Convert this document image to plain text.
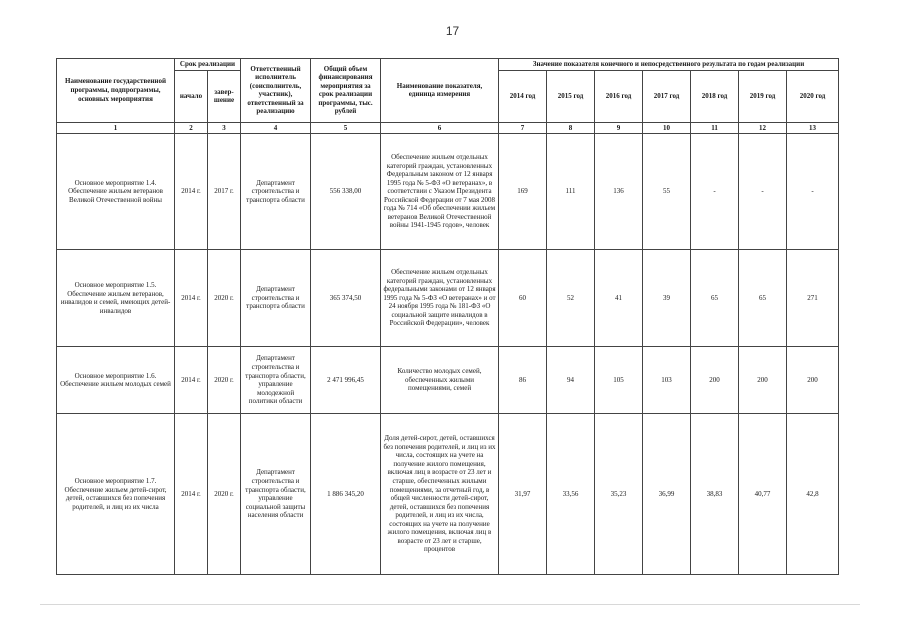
17
Наименование государственной программы, подпрограммы, основных мероприятия	Срок реализации		Ответственный исполнитель (соисполнитель, участник), ответственный за реализацию	Общий объем финансирования мероприятия за срок реализации программы, тыс. рублей	Наименование показателя, единица измерения	Значение показателя конечного и непосредственного результата по годам реализации						
	начало	завер-шение				2014 год	2015 год	2016 год	2017 год	2018 год	2019 год	2020 год
1	2	3	4	5	6	7	8	9	10	11	12	13
Основное мероприятие 1.4. Обеспечение жильем ветеранов Великой Отечественной войны	2014 г.	2017 г.	Департамент строительства и транспорта области	556 338,00	Обеспечение жильем отдельных категорий граждан, установленных Федеральным законом от 12 января 1995 года № 5-ФЗ «О ветеранах», в соответствии с Указом Президента Российской Федерации от 7 мая 2008 года № 714 «Об обеспечении жильем ветеранов Великой Отечественной войны 1941-1945 годов», человек	169	111	136	55	-	-	-
Основное мероприятие 1.5. Обеспечение жильем ветеранов, инвалидов и семей, имеющих детей-инвалидов	2014 г.	2020 г.	Департамент строительства и транспорта области	365 374,50	Обеспечение жильем отдельных категорий граждан, установленных федеральными законами от 12 января 1995 года № 5-ФЗ «О ветеранах» и от 24 ноября 1995 года № 181-ФЗ «О социальной защите инвалидов в Российской Федерации», человек	60	52	41	39	65	65	271
Основное мероприятие 1.6. Обеспечение жильем молодых семей	2014 г.	2020 г.	Департамент строительства и транспорта области, управление молодежной политики области	2 471 996,45	Количество молодых семей, обеспеченных жилыми помещениями, семей	86	94	105	103	200	200	200
Основное мероприятие 1.7. Обеспечение жильем детей-сирот, детей, оставшихся без попечения родителей, и лиц из их числа	2014 г.	2020 г.	Департамент строительства и транспорта области, управление социальной защиты населения области	1 886 345,20	Доля детей-сирот, детей, оставшихся без попечения родителей, и лиц из их числа, состоящих на учете на получение жилого помещения, включая лиц в возрасте от 23 лет и старше, обеспеченных жилыми помещениями, за отчетный год, в общей численности детей-сирот, детей, оставшихся без попечения родителей, и лиц из их числа, состоящих на учете на получение жилого помещения, включая лиц в возрасте от 23 лет и старше, процентов	31,97	33,56	35,23	36,99	38,83	40,77	42,8
